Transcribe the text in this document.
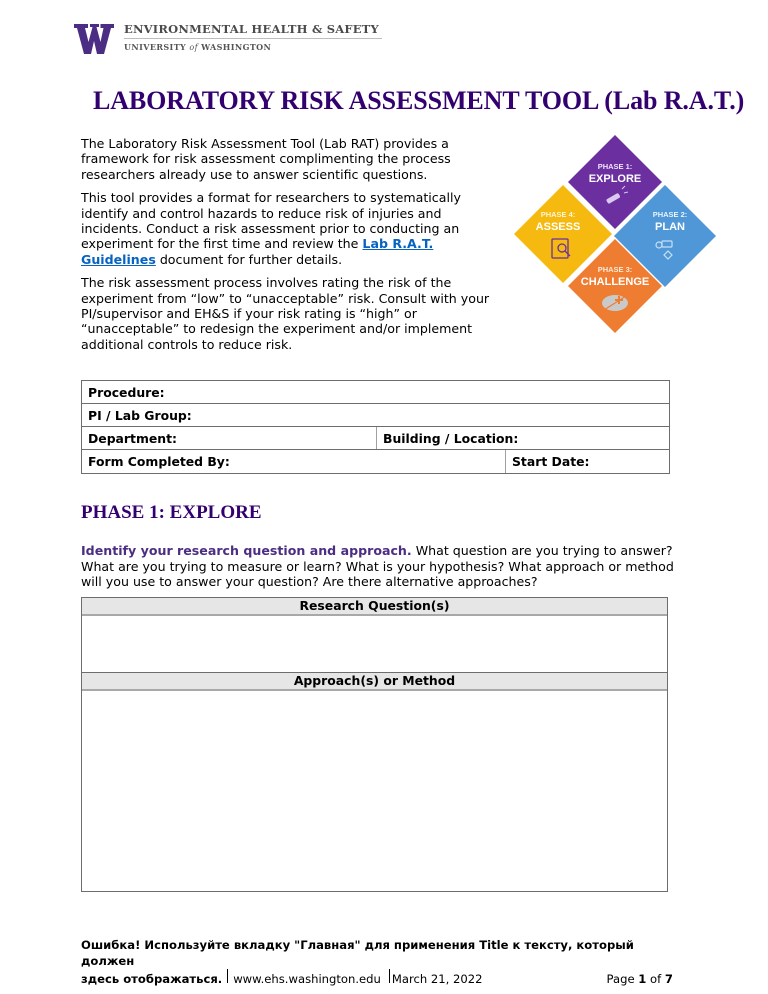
ENVIRONMENTAL HEALTH & SAFETY
UNIVERSITY of WASHINGTON
LABORATORY RISK ASSESSMENT TOOL (Lab R.A.T.)

The Laboratory Risk Assessment Tool (Lab RAT) provides a framework for risk assessment complimenting the process researchers already use to answer scientific questions.

This tool provides a format for researchers to systematically identify and control hazards to reduce risk of injuries and incidents. Conduct a risk assessment prior to conducting an experiment for the first time and review the Lab R.A.T. Guidelines document for further details.

The risk assessment process involves rating the risk of the experiment from “low” to “unacceptable” risk. Consult with your PI/supervisor and EH&S if your risk rating is “high” or “unacceptable” to redesign the experiment and/or implement additional controls to reduce risk.

PHASE 1:
EXPLORE
PHASE 2:
PLAN
PHASE 4:
ASSESS
PHASE 3:
CHALLENGE
Procedure:
PI / Lab Group:
Department:	Building / Location:
Form Completed By:	Start Date:
PHASE 1: EXPLORE
Identify your research question and approach. What question are you trying to answer? What are you trying to measure or learn? What is your hypothesis? What approach or method will you use to answer your question? Are there alternative approaches?
Research Question(s)
Approach(s) or Method
Ошибка! Используйте вкладку "Главная" для применения Title к тексту, который должен
здесь отображаться. www.ehs.washington.edu March 21, 2022	Page 1 of 7
